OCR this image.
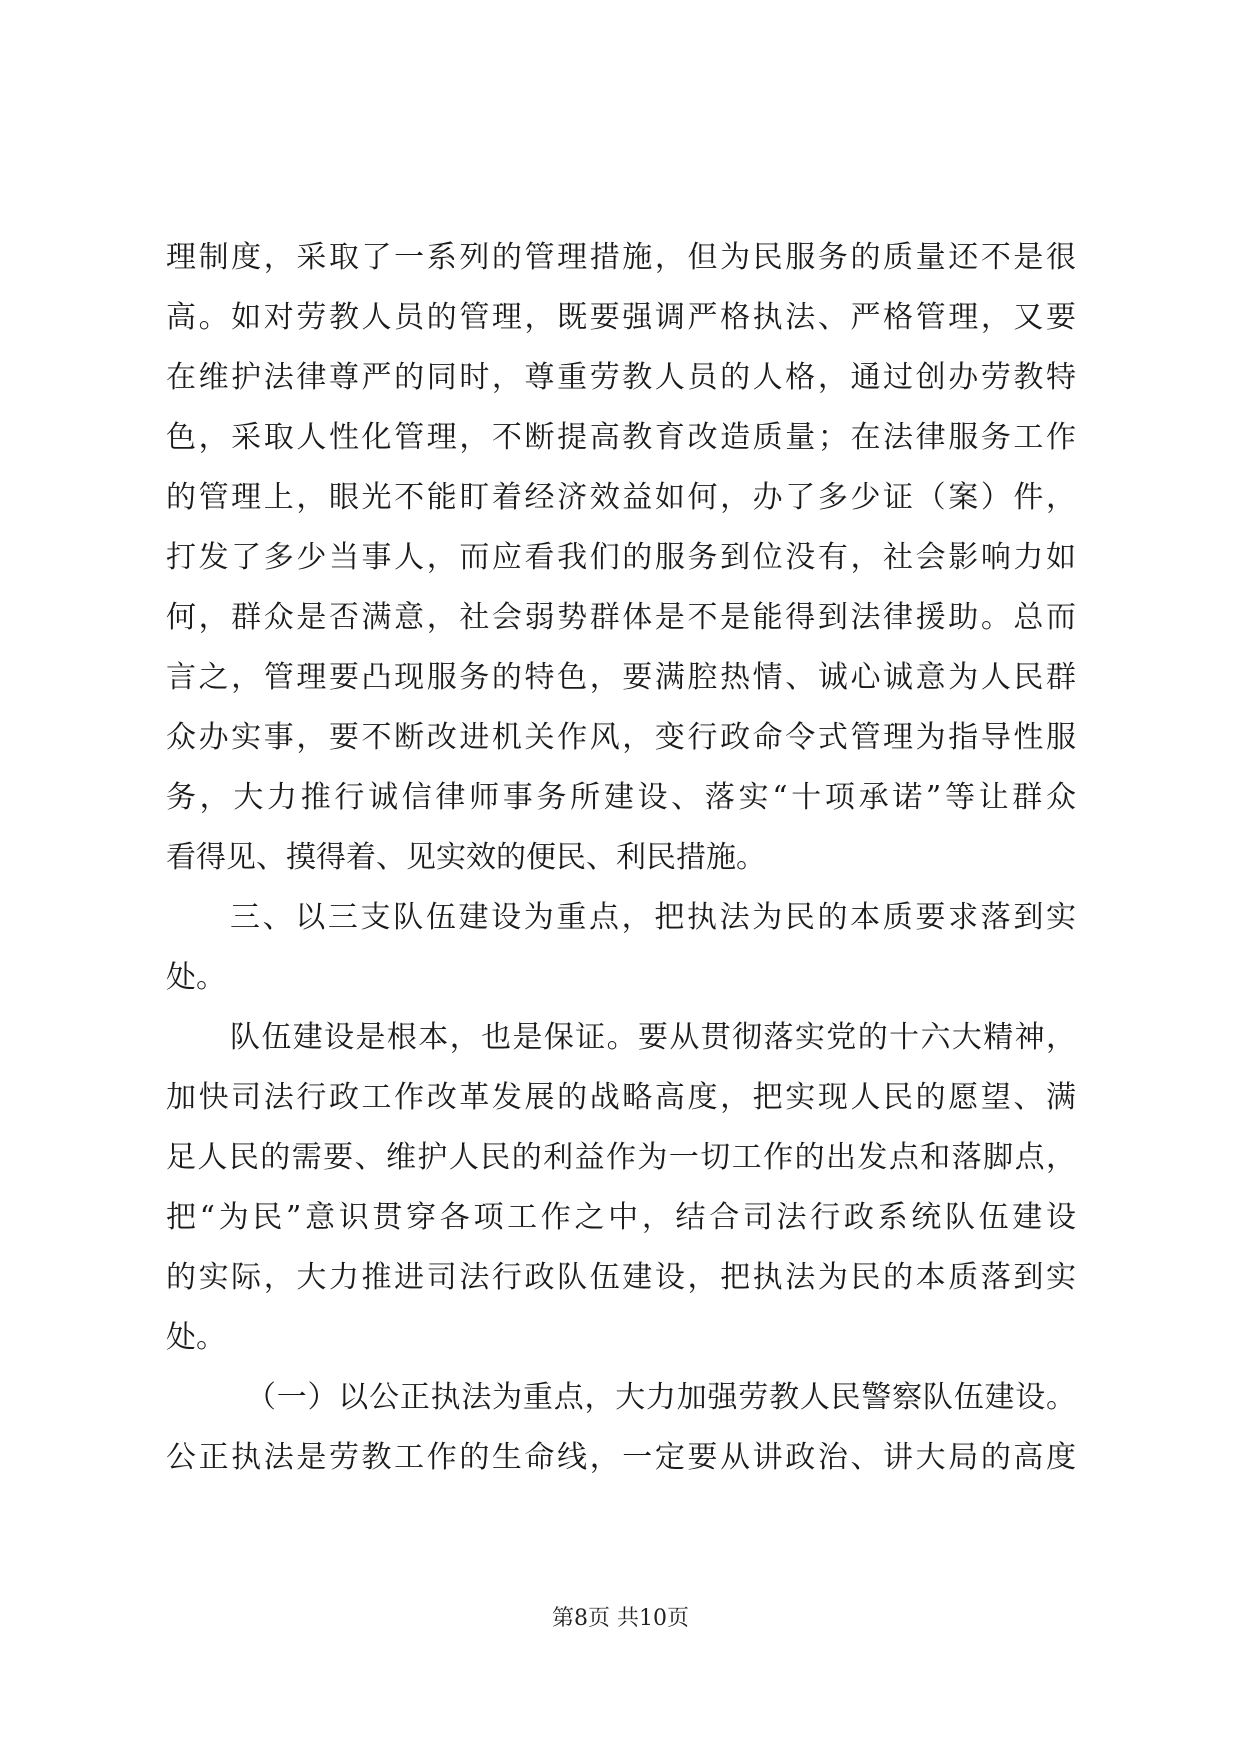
理制度，采取了一系列的管理措施，但为民服务的质量还不是很
高。如对劳教人员的管理，既要强调严格执法、严格管理，又要
在维护法律尊严的同时，尊重劳教人员的人格，通过创办劳教特
色，采取人性化管理，不断提高教育改造质量；在法律服务工作
的管理上，眼光不能盯着经济效益如何，办了多少证（案）件，
打发了多少当事人，而应看我们的服务到位没有，社会影响力如
何，群众是否满意，社会弱势群体是不是能得到法律援助。总而
言之，管理要凸现服务的特色，要满腔热情、诚心诚意为人民群
众办实事，要不断改进机关作风，变行政命令式管理为指导性服
务，大力推行诚信律师事务所建设、落实“十项承诺”等让群众
看得见、摸得着、见实效的便民、利民措施。
三、以三支队伍建设为重点，把执法为民的本质要求落到实
处。
队伍建设是根本，也是保证。要从贯彻落实党的十六大精神，
加快司法行政工作改革发展的战略高度，把实现人民的愿望、满
足人民的需要、维护人民的利益作为一切工作的出发点和落脚点，
把“为民”意识贯穿各项工作之中，结合司法行政系统队伍建设
的实际，大力推进司法行政队伍建设，把执法为民的本质落到实
处。
（一）以公正执法为重点，大力加强劳教人民警察队伍建设。
公正执法是劳教工作的生命线，一定要从讲政治、讲大局的高度
第8页 共10页
